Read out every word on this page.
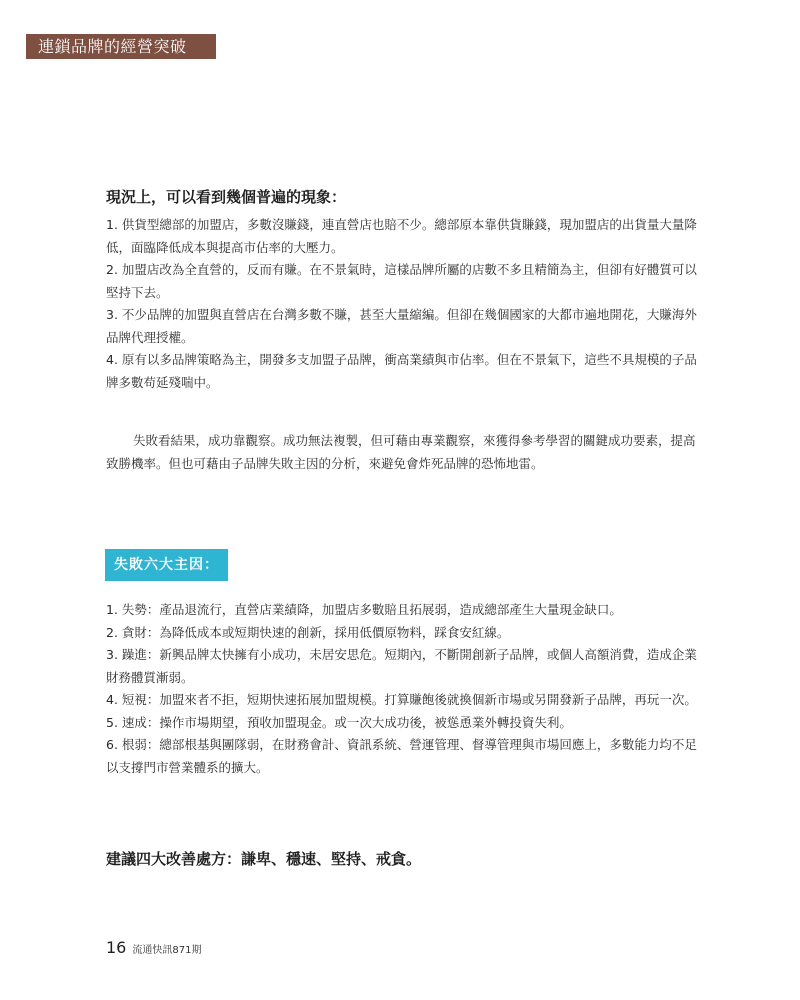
連鎖品牌的經營突破
現況上，可以看到幾個普遍的現象：
1. 供貨型總部的加盟店，多數沒賺錢，連直營店也賠不少。總部原本靠供貨賺錢，現加盟店的出貨量大量降低，面臨降低成本與提高市佔率的大壓力。
2. 加盟店改為全直營的，反而有賺。在不景氣時，這樣品牌所屬的店數不多且精簡為主，但卻有好體質可以堅持下去。
3. 不少品牌的加盟與直營店在台灣多數不賺，甚至大量縮編。但卻在幾個國家的大都市遍地開花，大賺海外品牌代理授權。
4. 原有以多品牌策略為主，開發多支加盟子品牌，衝高業績與市佔率。但在不景氣下，這些不具規模的子品牌多數苟延殘喘中。

失敗看結果，成功靠觀察。成功無法複製，但可藉由專業觀察，來獲得參考學習的關鍵成功要素，提高致勝機率。但也可藉由子品牌失敗主因的分析，來避免會炸死品牌的恐怖地雷。

失敗六大主因：
1. 失勢：產品退流行，直營店業績降，加盟店多數賠且拓展弱，造成總部產生大量現金缺口。
2. 貪財：為降低成本或短期快速的創新，採用低價原物料，踩食安紅線。
3. 躁進：新興品牌太快擁有小成功，未居安思危。短期內，不斷開創新子品牌，或個人高額消費，造成企業財務體質漸弱。
4. 短視：加盟來者不拒，短期快速拓展加盟規模。打算賺飽後就換個新市場或另開發新子品牌，再玩一次。
5. 速成：操作市場期望，預收加盟現金。或一次大成功後，被慫恿業外轉投資失利。
6. 根弱：總部根基與團隊弱，在財務會計、資訊系統、營運管理、督導管理與市場回應上，多數能力均不足以支撐門市營業體系的擴大。
建議四大改善處方：謙卑、穩速、堅持、戒貪。
16 流通快訊871期
